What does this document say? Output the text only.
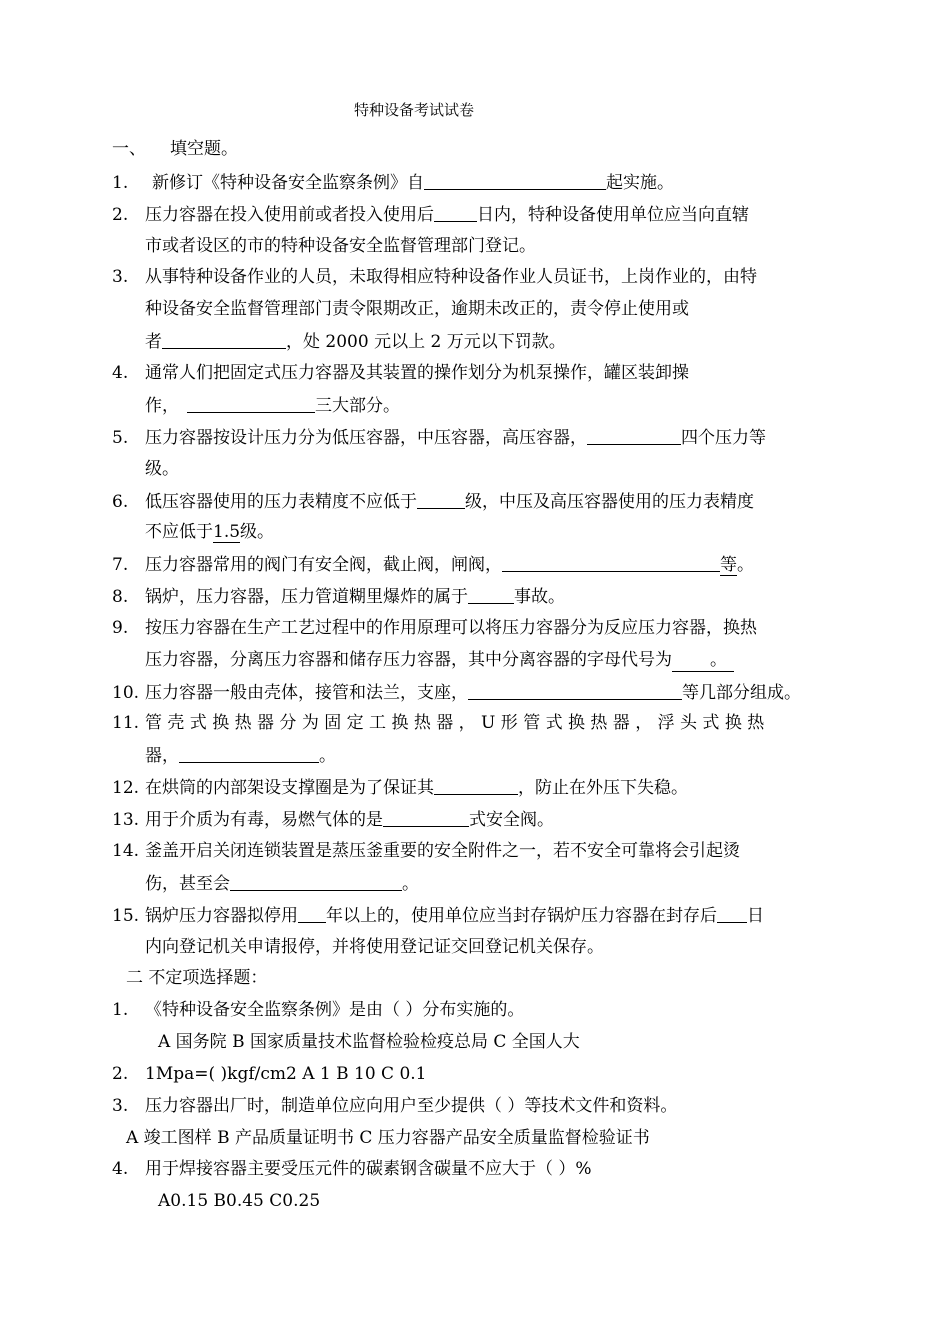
特种设备考试试卷
一、 填空题。
1. 新修订《特种设备安全监察条例》自	起实施。
2. 压力容器在投入使用前或者投入使用后	日内，特种设备使用单位应当向直辖
市或者设区的市的特种设备安全监督管理部门登记。
3. 从事特种设备作业的人员，未取得相应特种设备作业人员证书，上岗作业的，由特
种设备安全监督管理部门责令限期改正，逾期未改正的，责令停止使用或
者	，处 2000 元以上 2 万元以下罚款。
4. 通常人们把固定式压力容器及其装置的操作划分为机泵操作，罐区装卸操
作，	三大部分。
5. 压力容器按设计压力分为低压容器，中压容器，高压容器，	四个压力等
级。
6. 低压容器使用的压力表精度不应低于	级，中压及高压容器使用的压力表精度
不应低于1.5级。
7. 压力容器常用的阀门有安全阀，截止阀，闸阀，	等。
8. 锅炉，压力容器，压力管道糊里爆炸的属于	事故。
9. 按压力容器在生产工艺过程中的作用原理可以将压力容器分为反应压力容器，换热
压力容器，分离压力容器和储存压力容器，其中分离容器的字母代号为 。
10. 压力容器一般由壳体，接管和法兰，支座，	等几部分组成。
11. 管 壳 式 换 热 器 分 为 固 定 工 换 热 器 ， U 形 管 式 换 热 器 ， 浮 头 式 换 热
器，	。
12. 在烘筒的内部架设支撑圈是为了保证其	，防止在外压下失稳。
13. 用于介质为有毒，易燃气体的是	式安全阀。
14. 釜盖开启关闭连锁装置是蒸压釜重要的安全附件之一，若不安全可靠将会引起烫
伤，甚至会	。
15. 锅炉压力容器拟停用 年以上的，使用单位应当封存锅炉压力容器在封存后 日
内向登记机关申请报停，并将使用登记证交回登记机关保存。
二 不定项选择题：
1. 《特种设备安全监察条例》是由（ ）分布实施的。
A 国务院 B 国家质量技术监督检验检疫总局 C 全国人大
2. 1Mpa=( )kgf/cm2 A 1 B 10 C 0.1
3. 压力容器出厂时，制造单位应向用户至少提供（ ）等技术文件和资料。
A 竣工图样 B 产品质量证明书 C 压力容器产品安全质量监督检验证书
4. 用于焊接容器主要受压元件的碳素钢含碳量不应大于（ ）%
A0.15 B0.45 C0.25
